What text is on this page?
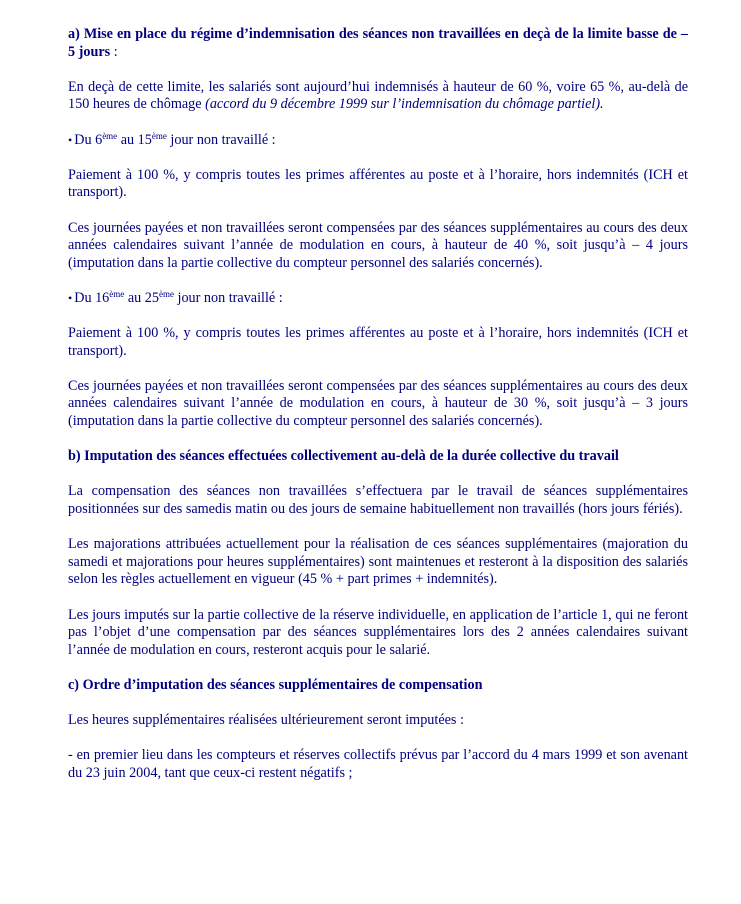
a) Mise en place du régime d’indemnisation des séances non travaillées en deçà de la limite basse de – 5 jours :

En deçà de cette limite, les salariés sont aujourd’hui indemnisés à hauteur de 60 %, voire 65 %, au-delà de 150 heures de chômage (accord du 9 décembre 1999 sur l’indemnisation du chômage partiel).

• Du 6ème au 15ème jour non travaillé :

Paiement à 100 %, y compris toutes les primes afférentes au poste et à l’horaire, hors indemnités (ICH et transport).

Ces journées payées et non travaillées seront compensées par des séances supplémentaires au cours des deux années calendaires suivant l’année de modulation en cours, à hauteur de 40 %, soit jusqu’à – 4 jours (imputation dans la partie collective du compteur personnel des salariés concernés).

• Du 16ème au 25ème jour non travaillé :

Paiement à 100 %, y compris toutes les primes afférentes au poste et à l’horaire, hors indemnités (ICH et transport).

Ces journées payées et non travaillées seront compensées par des séances supplémentaires au cours des deux années calendaires suivant l’année de modulation en cours, à hauteur de 30 %, soit jusqu’à – 3 jours (imputation dans la partie collective du compteur personnel des salariés concernés).

b) Imputation des séances effectuées collectivement au-delà de la durée collective du travail

La compensation des séances non travaillées s’effectuera par le travail de séances supplémentaires positionnées sur des samedis matin ou des jours de semaine habituellement non travaillés (hors jours fériés).

Les majorations attribuées actuellement pour la réalisation de ces séances supplémentaires (majoration du samedi et majorations pour heures supplémentaires) sont maintenues et resteront à la disposition des salariés selon les règles actuellement en vigueur (45 % + part primes + indemnités).

Les jours imputés sur la partie collective de la réserve individuelle, en application de l’article 1, qui ne feront pas l’objet d’une compensation par des séances supplémentaires lors des 2 années calendaires suivant l’année de modulation en cours, resteront acquis pour le salarié.

c) Ordre d’imputation des séances supplémentaires de compensation

Les heures supplémentaires réalisées ultérieurement seront imputées :

- en premier lieu dans les compteurs et réserves collectifs prévus par l’accord du 4 mars 1999 et son avenant du 23 juin 2004, tant que ceux-ci restent négatifs ;
